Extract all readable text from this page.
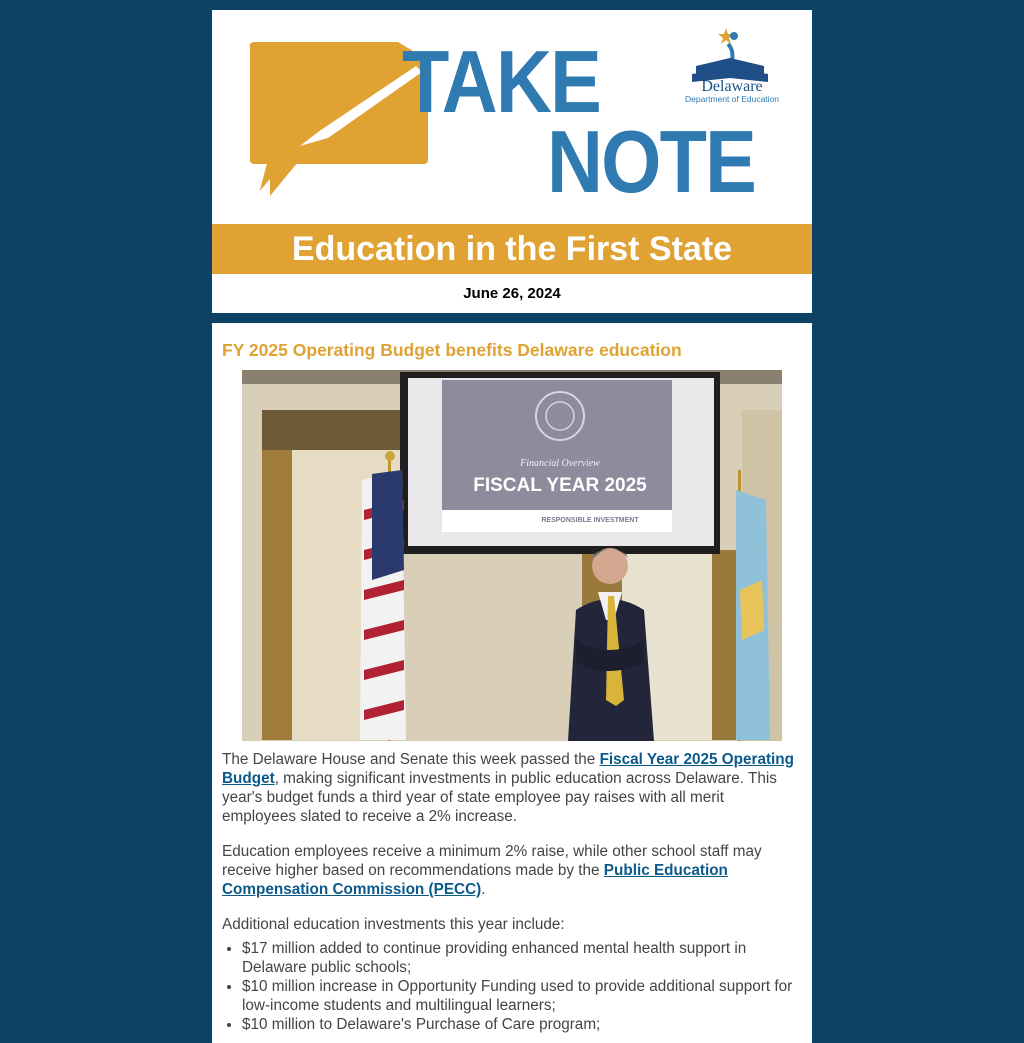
TAKE
NOTE
Delaware
Department of Education
Education in the First State
June 26, 2024
FY 2025 Operating Budget benefits Delaware education
Financial Overview
FISCAL YEAR 2025
RESPONSIBLE INVESTMENT

The Delaware House and Senate this week passed the Fiscal Year 2025 Operating Budget, making significant investments in public education across Delaware. This year's budget funds a third year of state employee pay raises with all merit employees slated to receive a 2% increase.

Education employees receive a minimum 2% raise, while other school staff may receive higher based on recommendations made by the Public Education Compensation Commission (PECC).

Additional education investments this year include:

• $17 million added to continue providing enhanced mental health support in Delaware public schools;
• $10 million increase in Opportunity Funding used to provide additional support for low-income students and multilingual learners;
• $10 million to Delaware's Purchase of Care program;
